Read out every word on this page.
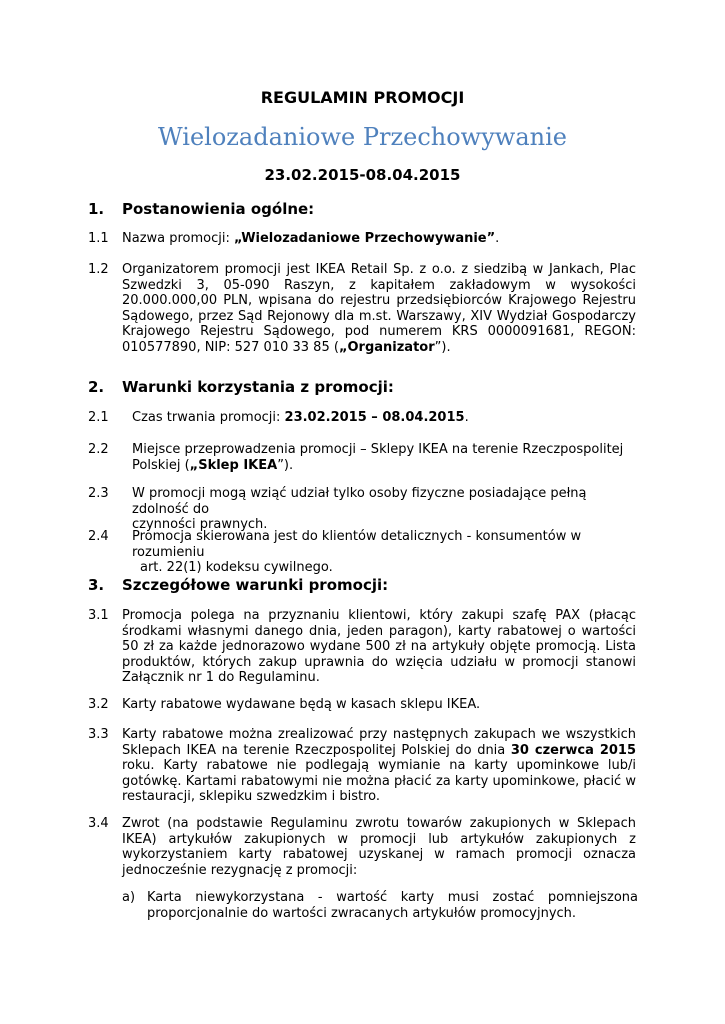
REGULAMIN PROMOCJI
Wielozadaniowe Przechowywanie
23.02.2015-08.04.2015
1. Postanowienia ogólne:
1.1 Nazwa promocji: „Wielozadaniowe Przechowywanie”.
1.2 Organizatorem promocji jest IKEA Retail Sp. z o.o. z siedzibą w Jankach, Plac Szwedzki 3, 05-090 Raszyn, z kapitałem zakładowym w wysokości 20.000.000,00 PLN, wpisana do rejestru przedsiębiorców Krajowego Rejestru Sądowego, przez Sąd Rejonowy dla m.st. Warszawy, XIV Wydział Gospodarczy Krajowego Rejestru Sądowego, pod numerem KRS 0000091681, REGON: 010577890, NIP: 527 010 33 85 („Organizator”).
2. Warunki korzystania z promocji:
2.1 Czas trwania promocji: 23.02.2015 – 08.04.2015.
2.2 Miejsce przeprowadzenia promocji – Sklepy IKEA na terenie Rzeczpospolitej
Polskiej („Sklep IKEA”).
2.3 W promocji mogą wziąć udział tylko osoby fizyczne posiadające pełną zdolność do
czynności prawnych.
2.4 Promocja skierowana jest do klientów detalicznych - konsumentów w rozumieniu
art. 22(1) kodeksu cywilnego.
3. Szczegółowe warunki promocji:
3.1 Promocja polega na przyznaniu klientowi, który zakupi szafę PAX (płacąc środkami własnymi danego dnia, jeden paragon), karty rabatowej o wartości 50 zł za każde jednorazowo wydane 500 zł na artykuły objęte promocją. Lista produktów, których zakup uprawnia do wzięcia udziału w promocji stanowi Załącznik nr 1 do Regulaminu.
3.2 Karty rabatowe wydawane będą w kasach sklepu IKEA.
3.3 Karty rabatowe można zrealizować przy następnych zakupach we wszystkich Sklepach IKEA na terenie Rzeczpospolitej Polskiej do dnia 30 czerwca 2015 roku. Karty rabatowe nie podlegają wymianie na karty upominkowe lub/i gotówkę. Kartami rabatowymi nie można płacić za karty upominkowe, płacić w restauracji, sklepiku szwedzkim i bistro.
3.4 Zwrot (na podstawie Regulaminu zwrotu towarów zakupionych w Sklepach IKEA) artykułów zakupionych w promocji lub artykułów zakupionych z wykorzystaniem karty rabatowej uzyskanej w ramach promocji oznacza jednocześnie rezygnację z promocji:
a) Karta niewykorzystana - wartość karty musi zostać pomniejszona proporcjonalnie do wartości zwracanych artykułów promocyjnych.
